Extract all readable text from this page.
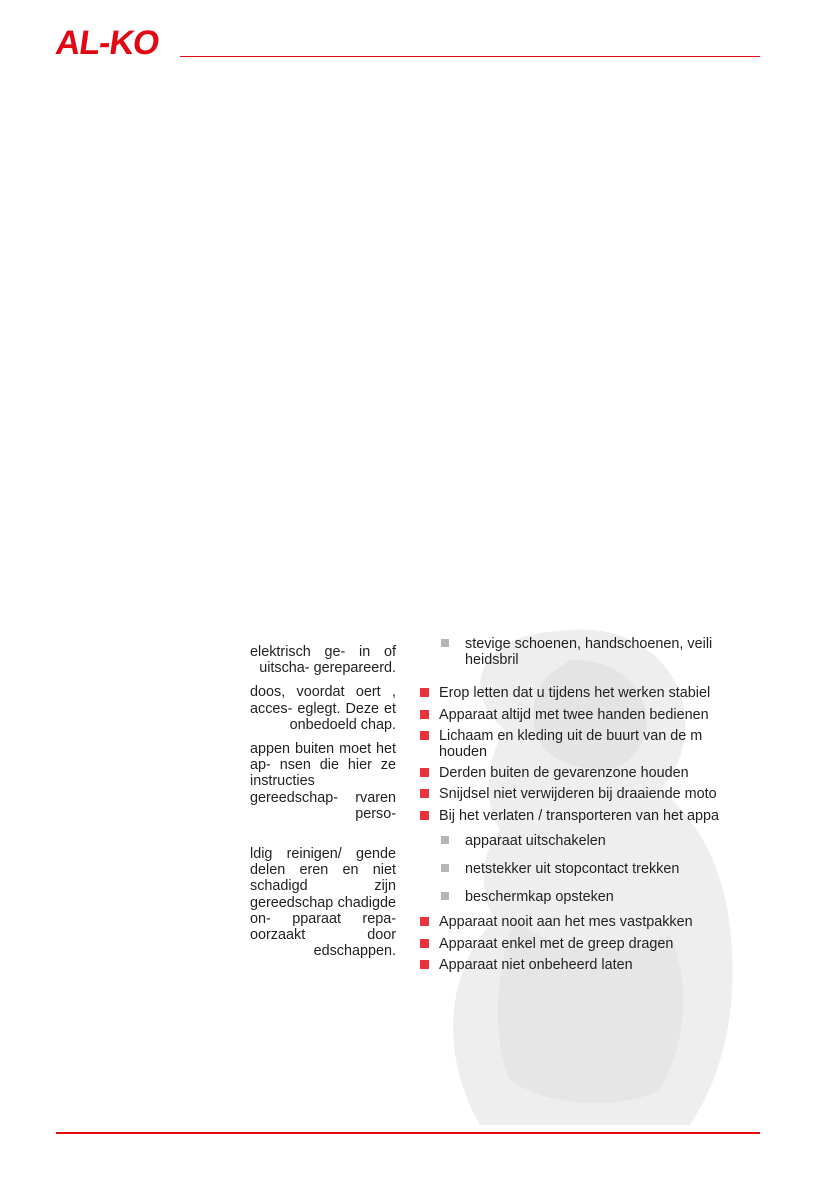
AL-KO

elektrisch ge- in of uitscha- gerepareerd.

doos, voordat oert , acces- eglegt. Deze et onbedoeld chap.

appen buiten moet het ap- nsen die hier ze instructies gereedschap- rvaren perso-

ldig reinigen/ gende delen eren en niet schadigd zijn gereedschap chadigde on- pparaat repa- oorzaakt door edschappen.

stevige schoenen, handschoenen, veili heidsbril
Erop letten dat u tijdens het werken stabiel
Apparaat altijd met twee handen bedienen
Lichaam en kleding uit de buurt van de m houden
Derden buiten de gevarenzone houden
Snijdsel niet verwijderen bij draaiende moto
Bij het verlaten / transporteren van het appa
apparaat uitschakelen
netstekker uit stopcontact trekken
beschermkap opsteken
Apparaat nooit aan het mes vastpakken
Apparaat enkel met de greep dragen
Apparaat niet onbeheerd laten
